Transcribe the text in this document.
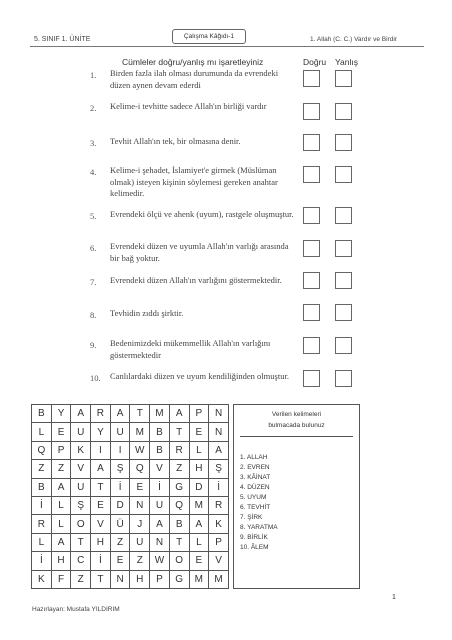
5. SINIF 1. ÜNİTE	Çalışma Kâğıdı-1	1. Allah (C. C.) Vardır ve Birdir
Cümleler doğru/yanlış mı işaretleyiniz	Doğru Yanlış
1. Birden fazla ilah olması durumunda da evrendeki düzen aynen devam ederdi
2. Kelime-i tevhitte sadece Allah'ın birliği vardır
3. Tevhit Allah'ın tek, bir olmasına denir.
4. Kelime-i şehadet, İslamiyet'e girmek (Müslüman olmak) isteyen kişinin söylemesi gereken anahtar kelimedir.
5. Evrendeki ölçü ve ahenk (uyum), rastgele oluşmuştur.
6. Evrendeki düzen ve uyumla Allah'ın varlığı arasında bir bağ yoktur.
7. Evrendeki düzen Allah'ın varlığını göstermektedir.
8. Tevhidin zıddı şirktir.
9. Bedenimizdeki mükemmellik Allah'ın varlığını göstermektedir
10. Canlılardaki düzen ve uyum kendiliğinden olmuştur.
B	Y	A	R	A	T	M	A	P	N
L	E	U	Y	U	M	B	T	E	N
Q	P	K	I	I	W	B	R	L	A
Z	Z	V	A	Ş	Q	V	Z	H	Ş
B	A	U	T	İ	E	İ	G	D	İ
İ	L	Ş	E	D	N	U	Q	M	R
R	L	O	V	Ü	J	A	B	A	K
L	A	T	H	Z	U	N	T	L	P
İ	H	C	İ	E	Z	W	O	E	V
K	F	Z	T	N	H	P	G	M	M
Verilen kelimeleri
bulmacada bulunuz
1. ALLAH
2. EVREN
3. KÂİNAT
4. DÜZEN
5. UYUM
6. TEVHİT
7. ŞİRK
8. YARATMA
9. BİRLİK
10. ÂLEM
1
Hazırlayan: Mustafa YILDIRIM
